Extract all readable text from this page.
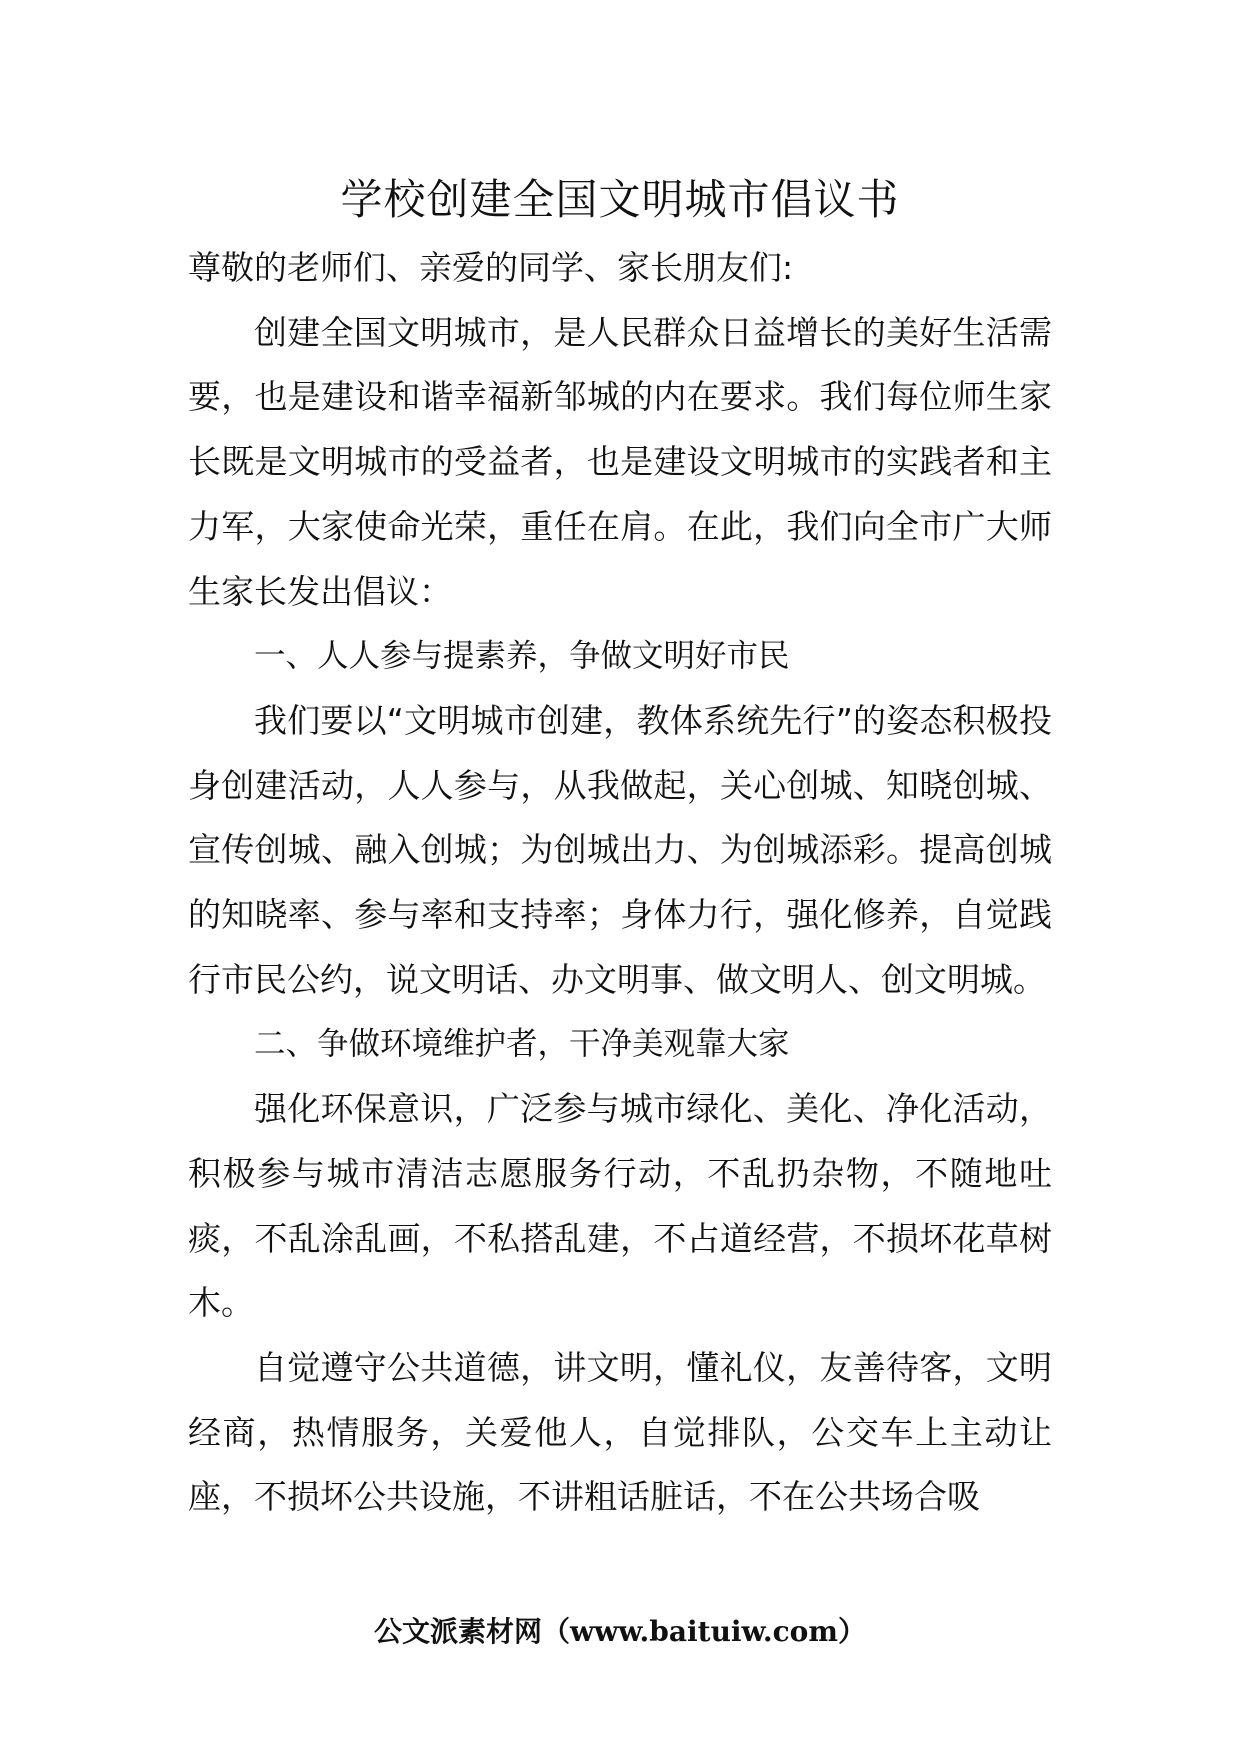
学校创建全国文明城市倡议书

尊敬的老师们、亲爱的同学、家长朋友们:

创建全国文明城市，是人民群众日益增长的美好生活需要，也是建设和谐幸福新邹城的内在要求。我们每位师生家长既是文明城市的受益者，也是建设文明城市的实践者和主力军，大家使命光荣，重任在肩。在此，我们向全市广大师生家长发出倡议：

一、人人参与提素养，争做文明好市民

我们要以“文明城市创建，教体系统先行”的姿态积极投身创建活动，人人参与，从我做起，关心创城、知晓创城、宣传创城、融入创城；为创城出力、为创城添彩。提高创城的知晓率、参与率和支持率；身体力行，强化修养，自觉践行市民公约，说文明话、办文明事、做文明人、创文明城。

二、争做环境维护者，干净美观靠大家

强化环保意识，广泛参与城市绿化、美化、净化活动，积极参与城市清洁志愿服务行动，不乱扔杂物，不随地吐痰，不乱涂乱画，不私搭乱建，不占道经营，不损坏花草树木。

自觉遵守公共道德，讲文明，懂礼仪，友善待客，文明经商，热情服务，关爱他人，自觉排队，公交车上主动让座，不损坏公共设施，不讲粗话脏话，不在公共场合吸

公文派素材网（www.baituiw.com）
